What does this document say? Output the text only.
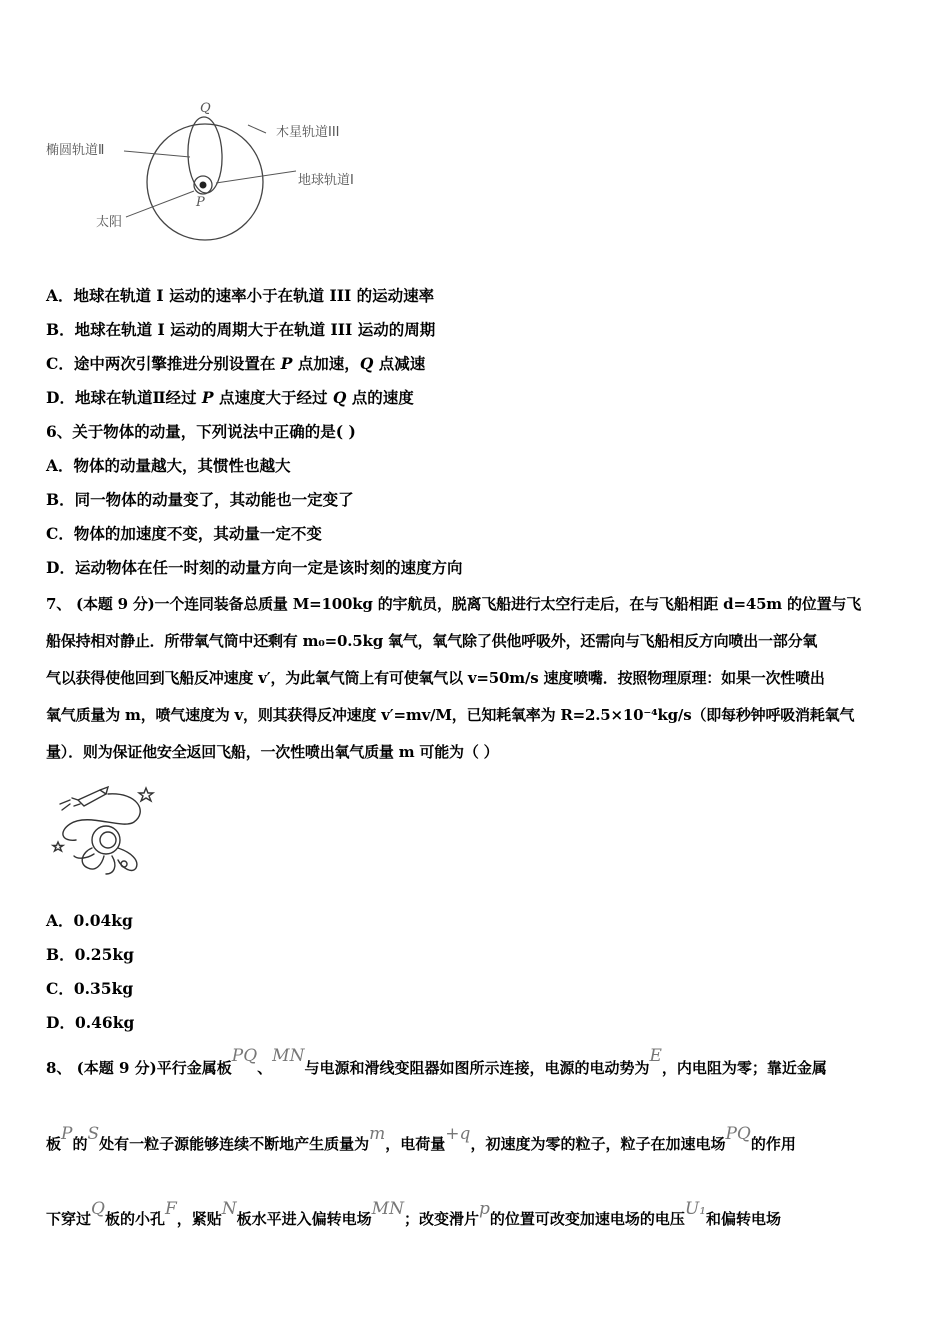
Q
P
椭圆轨道Ⅱ
木星轨道III
地球轨道Ⅰ
太阳
A．地球在轨道 I 运动的速率小于在轨道 III 的运动速率
B．地球在轨道 I 运动的周期大于在轨道 III 运动的周期
C．途中两次引擎推进分别设置在 P 点加速，Q 点减速
D．地球在轨道Ⅱ经过 P 点速度大于经过 Q 点的速度
6、关于物体的动量，下列说法中正确的是( )
A．物体的动量越大，其惯性也越大
B．同一物体的动量变了，其动能也一定变了
C．物体的加速度不变，其动量一定不变
D．运动物体在任一时刻的动量方向一定是该时刻的速度方向
7、 (本题 9 分)一个连同装备总质量 M=100kg 的宇航员，脱离飞船进行太空行走后，在与飞船相距 d=45m 的位置与飞
船保持相对静止．所带氧气筒中还剩有 m₀=0.5kg 氧气，氧气除了供他呼吸外，还需向与飞船相反方向喷出一部分氧
气以获得使他回到飞船反冲速度 v′，为此氧气筒上有可使氧气以 v=50m/s 速度喷嘴．按照物理原理：如果一次性喷出
氧气质量为 m，喷气速度为 v，则其获得反冲速度 v′=mv/M，已知耗氧率为 R=2.5×10⁻⁴kg/s（即每秒钟呼吸消耗氧气
量）．则为保证他安全返回飞船，一次性喷出氧气质量 m 可能为（ ）
A．0.04kg
B．0.25kg
C．0.35kg
D．0.46kg
8、 (本题 9 分)平行金属板PQ、MN与电源和滑线变阻器如图所示连接，电源的电动势为E，内电阻为零；靠近金属
板P的S处有一粒子源能够连续不断地产生质量为m，电荷量+q，初速度为零的粒子，粒子在加速电场PQ的作用
下穿过Q板的小孔F，紧贴N板水平进入偏转电场MN；改变滑片p的位置可改变加速电场的电压U₁和偏转电场
